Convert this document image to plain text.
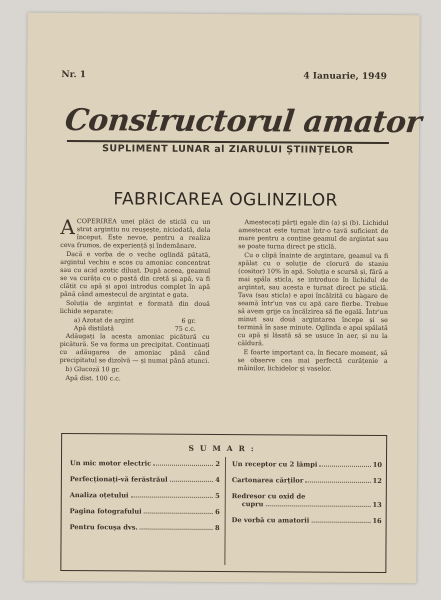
Nr. 1	4 Ianuarie, 1949
Constructorul amator
SUPLIMENT LUNAR al ZIARULUI ȘTIINȚELOR
FABRICAREA OGLINZILOR

ACOPERIREA unei plăci de sticlă cu un strat argintiu nu reușește, niciodată, dela început. Este nevoe, pentru a realiza ceva frumos, de experiență și îndemânare.

Dacă e vorba de o veche oglindă pătată, argintul vechiu e scos cu amoniac concentrat sau cu acid azotic diluat. După aceea, geamul se va curăța cu o pastă din cretă și apă, va fi clătit cu apă și apoi introdus complet în apă până când amestecul de argintat e gata.

Soluția de argintat e formată din două lichide separate:

a) Azotat de argint	6 gr.
Apă distilată	75 c.c.

Adăugați la acesta amoniac picătură cu picătură. Se va forma un precipitat. Continuați cu adăugarea de amoniac până când precipitatul se dizolvă — și numai până atunci.

b) Glucoză 10 gr.

Apă dist. 100 c.c.

Amestecați părți egale din (a) și (b). Lichidul amestecat este turnat într-o tavă suficient de mare pentru a conține geamul de argintat sau se poate turna direct pe sticlă.

Cu o clipă înainte de argintare, geamul va fi spălat cu o soluție de clorură de staniu (cositor) 10% în apă. Soluția e scursă și, fără a mai spăla sticla, se introduce în lichidul de argintat, sau acesta e turnat direct pe sticlă. Tava (sau sticla) e apoi încălzită cu bàgare de seamă într'un vas cu apă care fierbe. Trebue să avem grije ca încălzirea să fie egală. Într'un minut sau două argintarea începe și se termină în șase minute. Oglinda e apoi spălată cu apă și lăsată să se usuce în aer, și nu la căldură.

E foarte important ca, în fiecare moment, să se observe cea mai perfectă curățenie a mâinilor, lichidelor și vaselor.

SUMAR:
Un mic motor electric	2
Perfecționați-vă ferăstrăul	4
Analiza oțetului	5
Pagina fotografului	6
Pentru focușa dvs.	8
Un receptor cu 2 lămpi	10
Cartonarea cărților	12
Redresor cu oxid de
cupru	13
De vorbă cu amatorii	16
